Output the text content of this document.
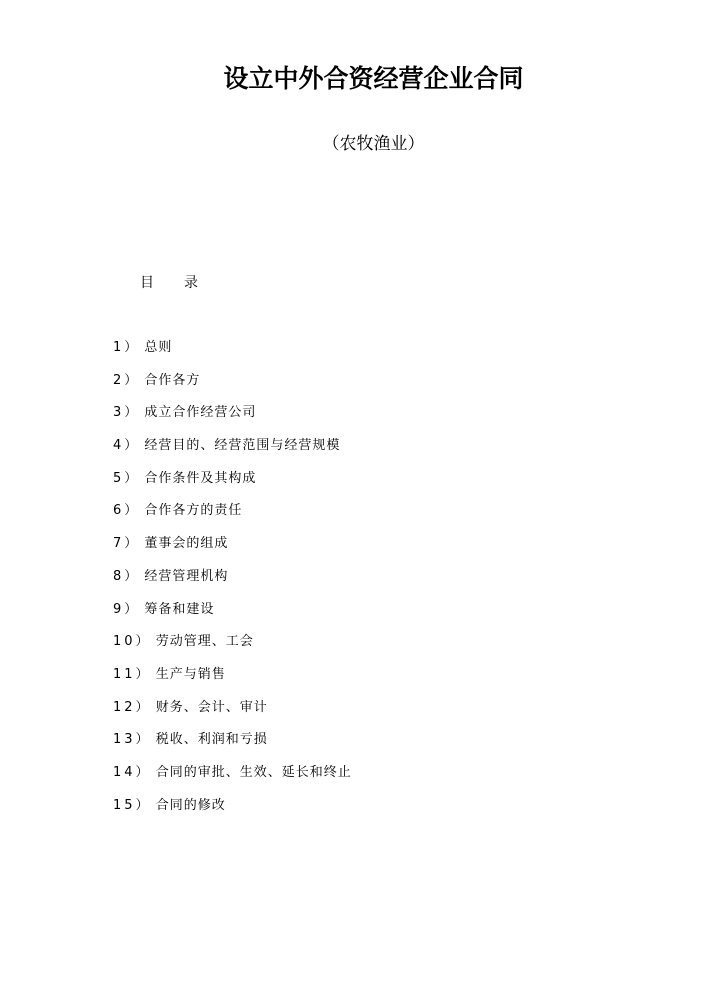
设立中外合资经营企业合同
（农牧渔业）
目 录
1） 总则
2） 合作各方
3） 成立合作经营公司
4） 经营目的、经营范围与经营规模
5） 合作条件及其构成
6） 合作各方的责任
7） 董事会的组成
8） 经营管理机构
9） 筹备和建设
10） 劳动管理、工会
11） 生产与销售
12） 财务、会计、审计
13） 税收、利润和亏损
14） 合同的审批、生效、延长和终止
15） 合同的修改
